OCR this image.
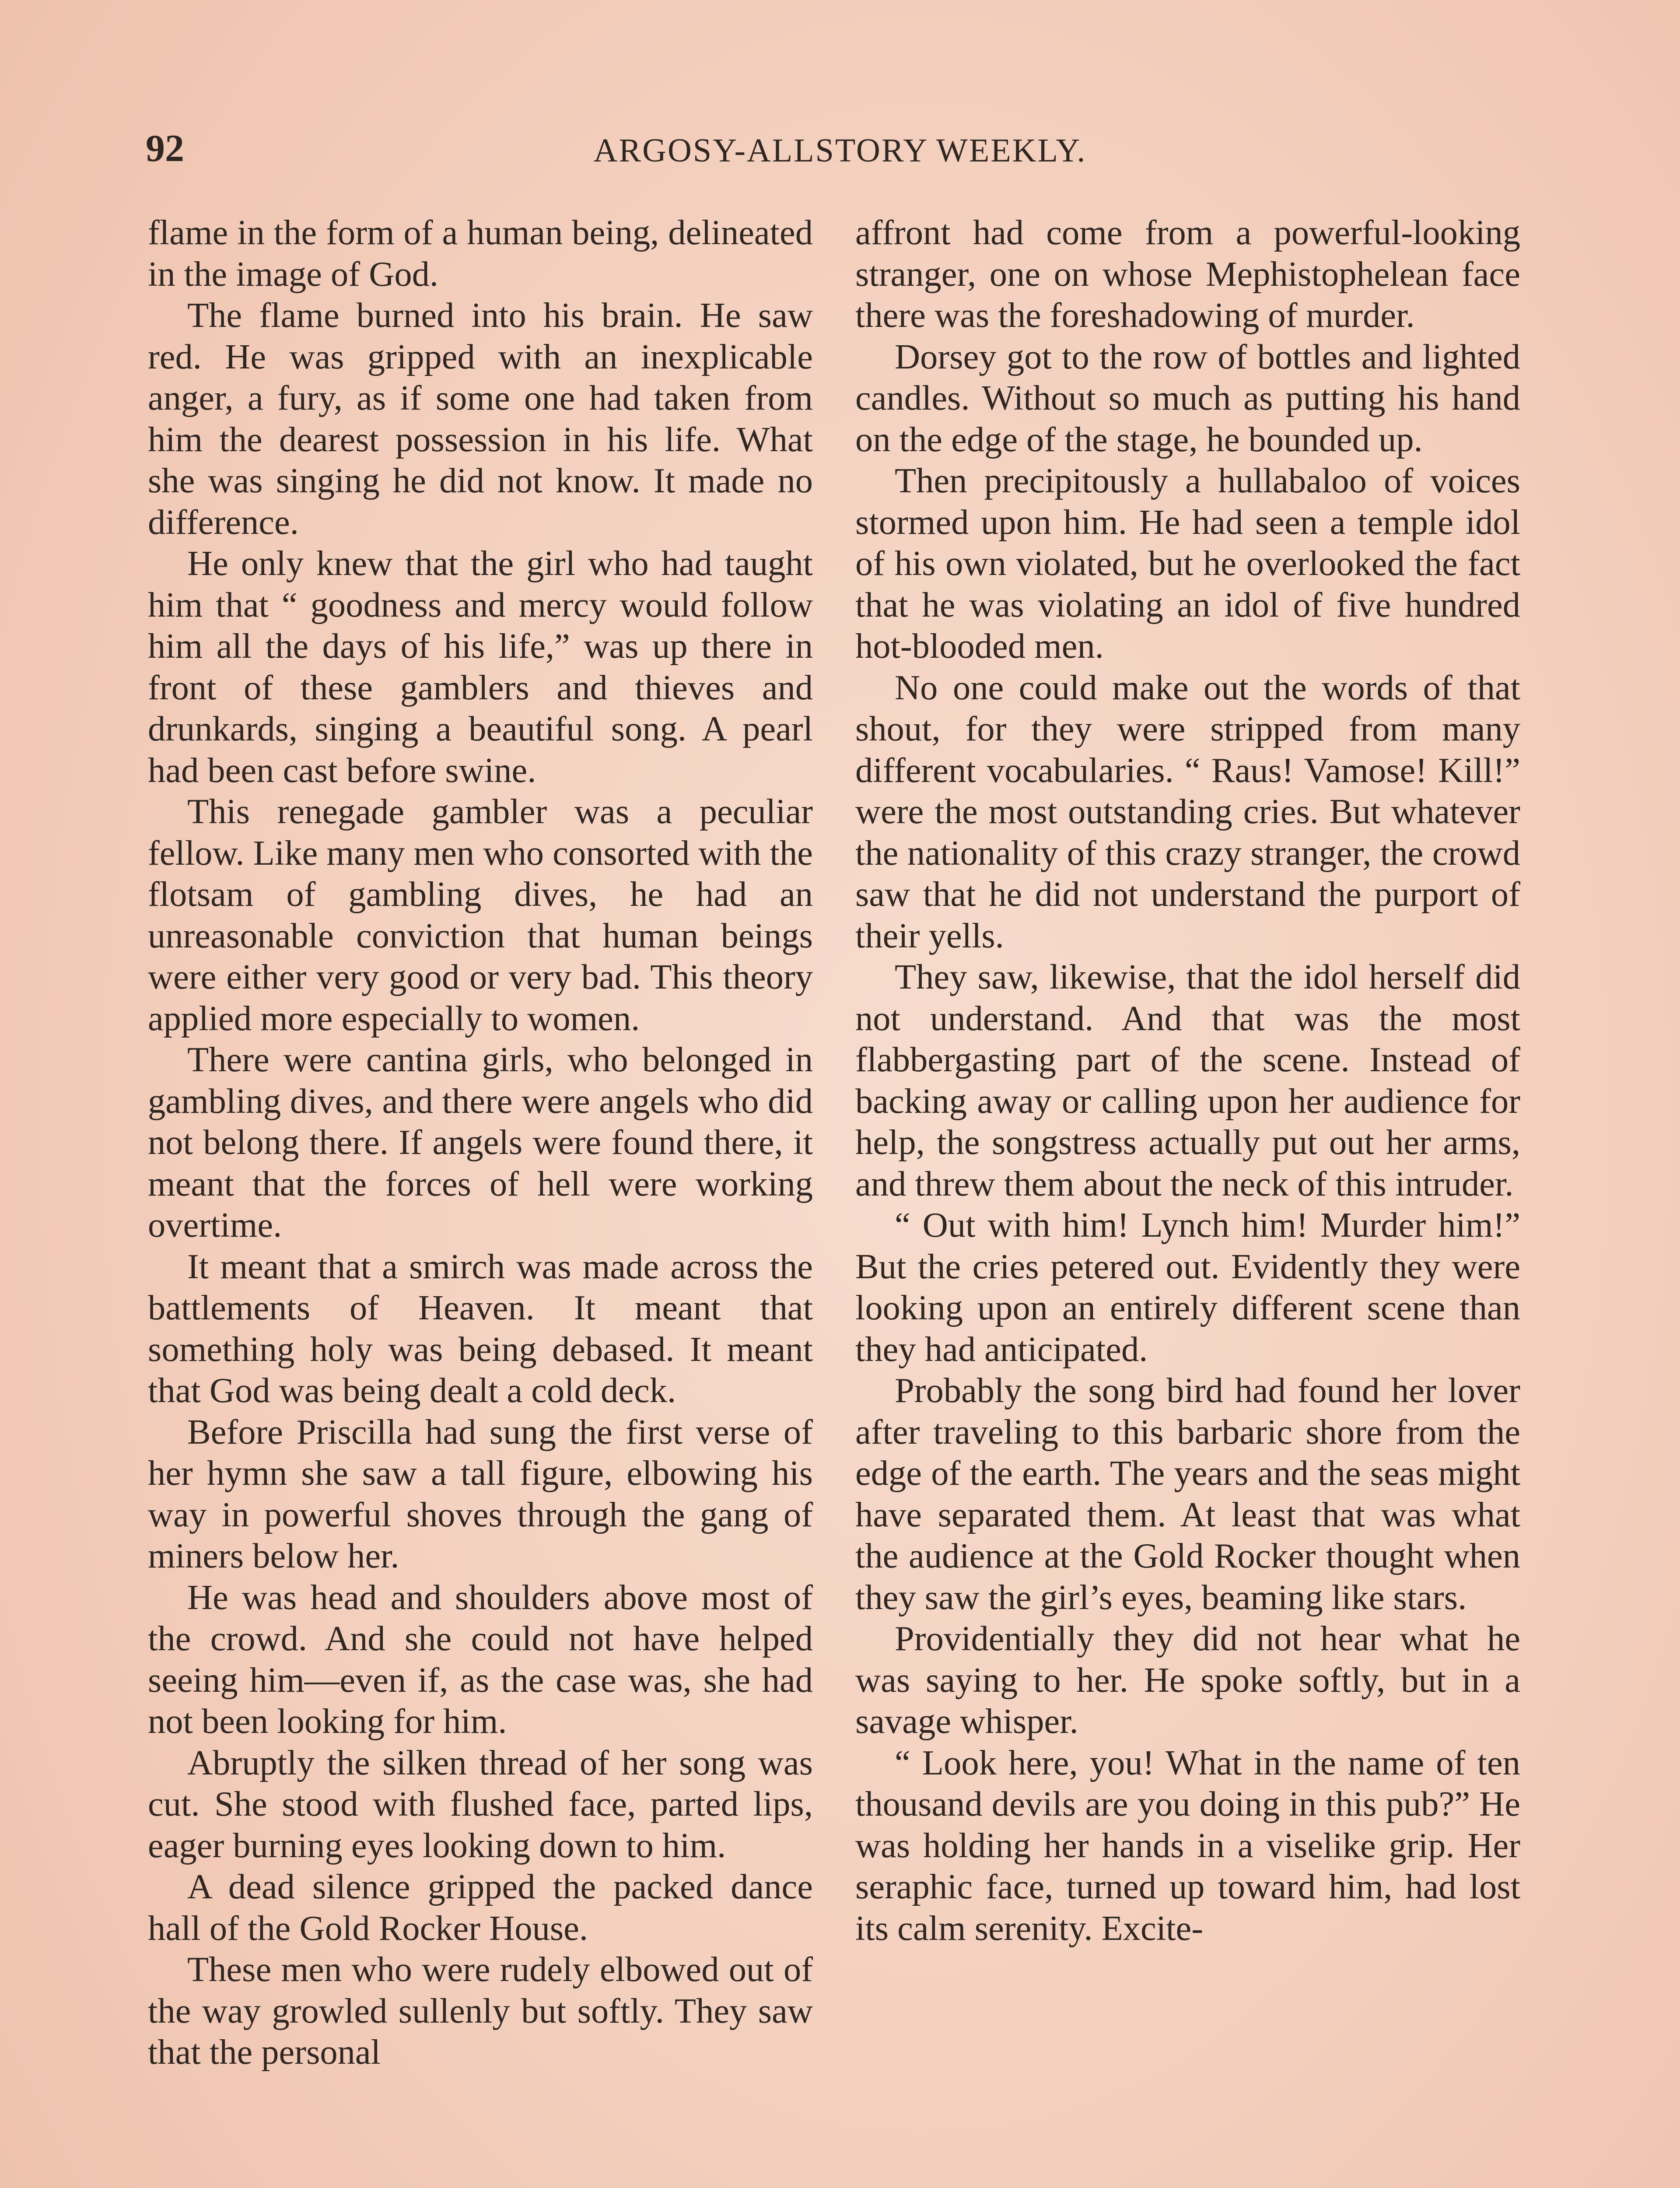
92	ARGOSY-ALLSTORY WEEKLY.

flame in the form of a human being, delineated in the image of God.

The flame burned into his brain. He saw red. He was gripped with an inexplicable anger, a fury, as if some one had taken from him the dearest possession in his life. What she was singing he did not know. It made no difference.

He only knew that the girl who had taught him that “ goodness and mercy would follow him all the days of his life,” was up there in front of these gamblers and thieves and drunkards, singing a beautiful song. A pearl had been cast before swine.

This renegade gambler was a peculiar fellow. Like many men who consorted with the flotsam of gambling dives, he had an unreasonable conviction that human beings were either very good or very bad. This theory applied more especially to women.

There were cantina girls, who belonged in gambling dives, and there were angels who did not belong there. If angels were found there, it meant that the forces of hell were working overtime.

It meant that a smirch was made across the battlements of Heaven. It meant that something holy was being debased. It meant that God was being dealt a cold deck.

Before Priscilla had sung the first verse of her hymn she saw a tall figure, elbowing his way in powerful shoves through the gang of miners below her.

He was head and shoulders above most of the crowd. And she could not have helped seeing him—even if, as the case was, she had not been looking for him.

Abruptly the silken thread of her song was cut. She stood with flushed face, parted lips, eager burning eyes looking down to him.

A dead silence gripped the packed dance hall of the Gold Rocker House.

These men who were rudely elbowed out of the way growled sullenly but softly. They saw that the personal

affront had come from a powerful-looking stranger, one on whose Mephistophelean face there was the foreshadowing of murder.

Dorsey got to the row of bottles and lighted candles. Without so much as putting his hand on the edge of the stage, he bounded up.

Then precipitously a hullabaloo of voices stormed upon him. He had seen a temple idol of his own violated, but he overlooked the fact that he was violating an idol of five hundred hot-blooded men.

No one could make out the words of that shout, for they were stripped from many different vocabularies. “ Raus! Vamose! Kill!” were the most outstanding cries. But whatever the nationality of this crazy stranger, the crowd saw that he did not understand the purport of their yells.

They saw, likewise, that the idol herself did not understand. And that was the most flabbergasting part of the scene. Instead of backing away or calling upon her audience for help, the songstress actually put out her arms, and threw them about the neck of this intruder.

“ Out with him! Lynch him! Murder him!” But the cries petered out. Evidently they were looking upon an entirely different scene than they had anticipated.

Probably the song bird had found her lover after traveling to this barbaric shore from the edge of the earth. The years and the seas might have separated them. At least that was what the audience at the Gold Rocker thought when they saw the girl’s eyes, beaming like stars.

Providentially they did not hear what he was saying to her. He spoke softly, but in a savage whisper.

“ Look here, you! What in the name of ten thousand devils are you doing in this pub?” He was holding her hands in a viselike grip. Her seraphic face, turned up toward him, had lost its calm serenity. Excite-
